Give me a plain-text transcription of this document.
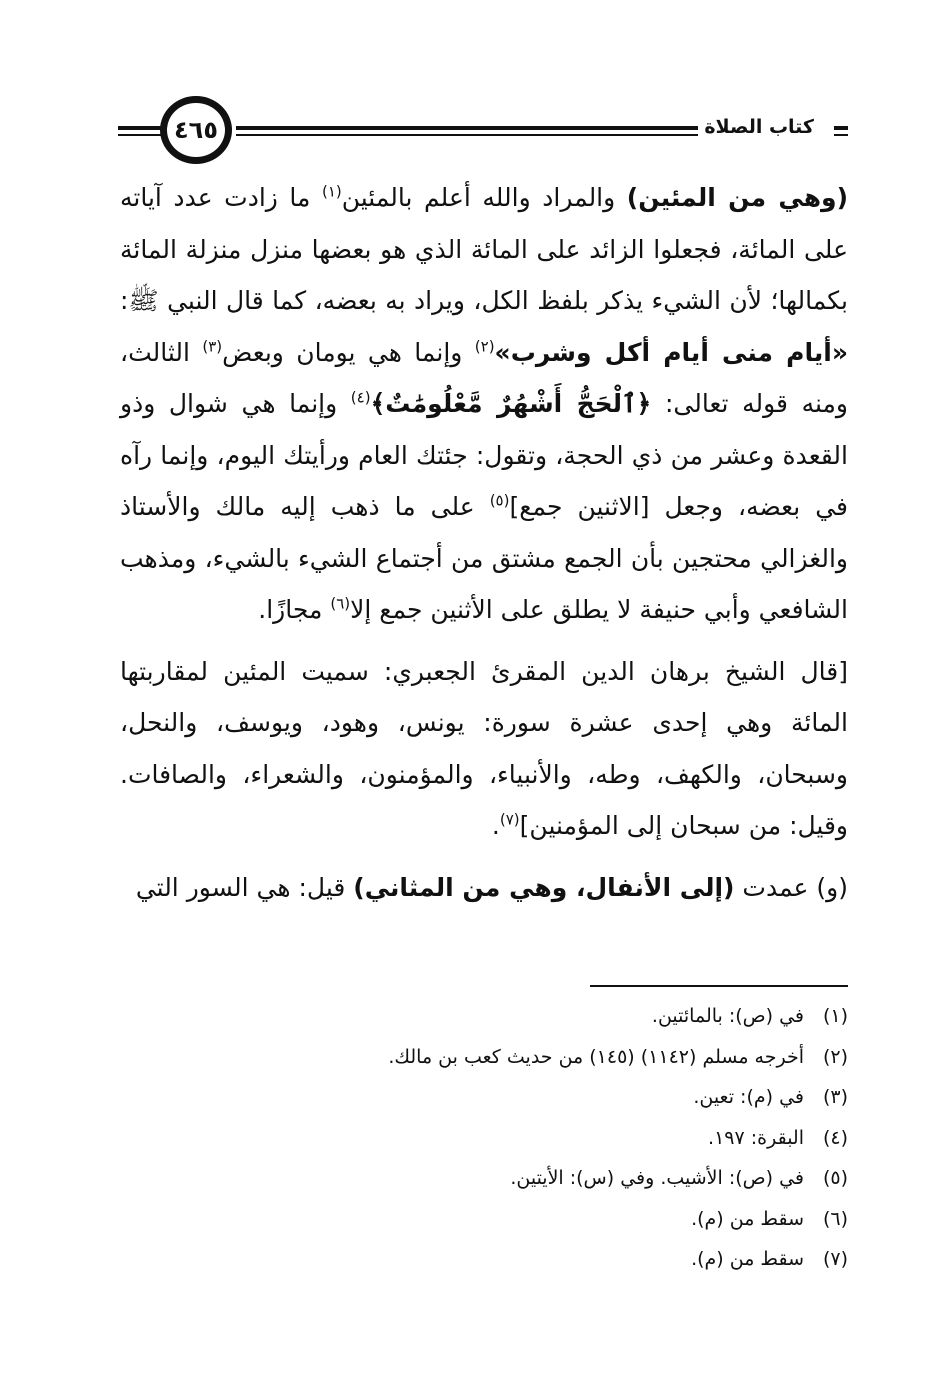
٤٦٥	كتاب الصلاة

(وهي من المئين) والمراد والله أعلم بالمئين$^{(١)}$ ما زادت عدد آياته على المائة، فجعلوا الزائد على المائة الذي هو بعضها منزل منزلة المائة بكمالها؛ لأن الشيء يذكر بلفظ الكل، ويراد به بعضه، كما قال النبي ﷺ: «أيام منى أيام أكل وشرب»$^{(٢)}$ وإنما هي يومان وبعض$^{(٣)}$ الثالث، ومنه قوله تعالى: ﴿ٱلْحَجُّ أَشْهُرٌ مَّعْلُومَٰتٌ﴾$^{(٤)}$ وإنما هي شوال وذو القعدة وعشر من ذي الحجة، وتقول: جئتك العام ورأيتك اليوم، وإنما رآه في بعضه، وجعل [الاثنين جمع]$^{(٥)}$ على ما ذهب إليه مالك والأستاذ والغزالي محتجين بأن الجمع مشتق من أجتماع الشيء بالشيء، ومذهب الشافعي وأبي حنيفة لا يطلق على الأثنين جمع إلا$^{(٦)}$ مجازًا.

[قال الشيخ برهان الدين المقرئ الجعبري: سميت المئين لمقاربتها المائة وهي إحدى عشرة سورة: يونس، وهود، ويوسف، والنحل، وسبحان، والكهف، وطه، والأنبياء، والمؤمنون، والشعراء، والصافات. وقيل: من سبحان إلى المؤمنين]$^{(٧)}$.

(و) عمدت (إلى الأنفال، وهي من المثاني) قيل: هي السور التي

(١)في (ص): بالمائتين.
(٢)أخرجه مسلم (١١٤٢) (١٤٥) من حديث كعب بن مالك.
(٣)في (م): تعين.
(٤)البقرة: ١٩٧.
(٥)في (ص): الأشيب. وفي (س): الأيتين.
(٦)سقط من (م).
(٧)سقط من (م).
